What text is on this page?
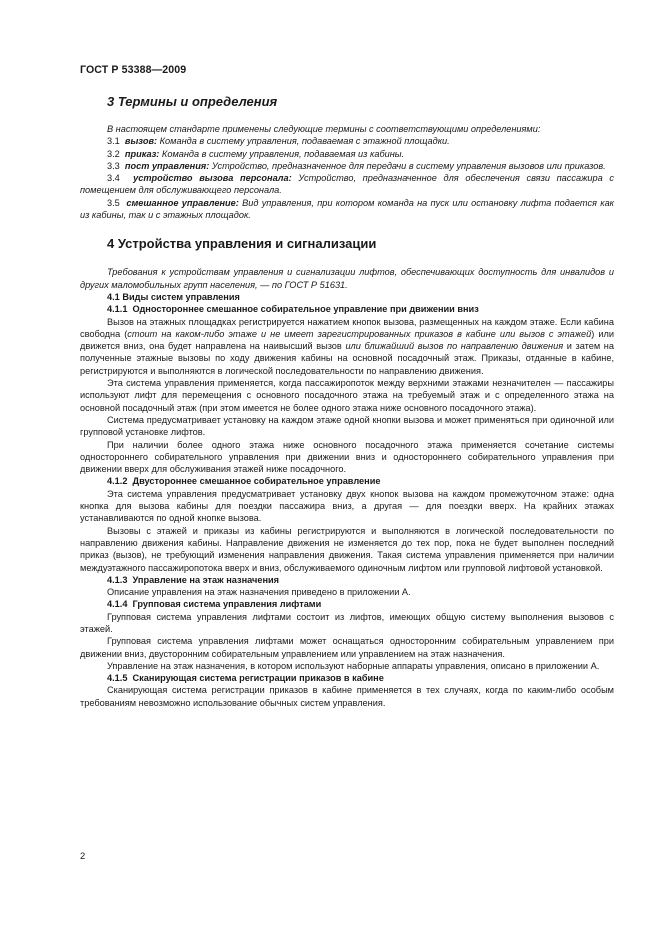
ГОСТ Р 53388—2009
3 Термины и определения

В настоящем стандарте применены следующие термины с соответствующими определениями:

3.1 вызов: Команда в систему управления, подаваемая с этажной площадки.

3.2 приказ: Команда в систему управления, подаваемая из кабины.

3.3 пост управления: Устройство, предназначенное для передачи в систему управления вызовов или приказов.

3.4 устройство вызова персонала: Устройство, предназначенное для обеспечения связи пассажира с помещением для обслуживающего персонала.

3.5 смешанное управление: Вид управления, при котором команда на пуск или остановку лифта подается как из кабины, так и с этажных площадок.

4 Устройства управления и сигнализации

Требования к устройствам управления и сигнализации лифтов, обеспечивающих доступность для инвалидов и других маломобильных групп населения, — по ГОСТ Р 51631.

4.1 Виды систем управления
4.1.1 Одностороннее смешанное собирательное управление при движении вниз

Вызов на этажных площадках регистрируется нажатием кнопок вызова, размещенных на каждом этаже. Если кабина свободна (стоит на каком-либо этаже и не имеет зарегистрированных приказов в кабине или вызов с этажей) или движется вниз, она будет направлена на наивысший вызов или ближайший вызов по направлению движения и затем на полученные этажные вызовы по ходу движения кабины на основной посадочный этаж. Приказы, отданные в кабине, регистрируются и выполняются в логической последовательности по направлению движения.

Эта система управления применяется, когда пассажиропоток между верхними этажами незначителен — пассажиры используют лифт для перемещения с основного посадочного этажа на требуемый этаж и с определенного этажа на основной посадочный этаж (при этом имеется не более одного этажа ниже основного посадочного этажа).

Система предусматривает установку на каждом этаже одной кнопки вызова и может применяться при одиночной или групповой установке лифтов.

При наличии более одного этажа ниже основного посадочного этажа применяется сочетание системы одностороннего собирательного управления при движении вниз и одностороннего собирательного управления при движении вверх для обслуживания этажей ниже посадочного.

4.1.2 Двустороннее смешанное собирательное управление

Эта система управления предусматривает установку двух кнопок вызова на каждом промежуточном этаже: одна кнопка для вызова кабины для поездки пассажира вниз, а другая — для поездки вверх. На крайних этажах устанавливаются по одной кнопке вызова.

Вызовы с этажей и приказы из кабины регистрируются и выполняются в логической последовательности по направлению движения кабины. Направление движения не изменяется до тех пор, пока не будет выполнен последний приказ (вызов), не требующий изменения направления движения. Такая система управления применяется при наличии междуэтажного пассажиропотока вверх и вниз, обслуживаемого одиночным лифтом или групповой лифтовой установкой.

4.1.3 Управление на этаж назначения

Описание управления на этаж назначения приведено в приложении А.

4.1.4 Групповая система управления лифтами

Групповая система управления лифтами состоит из лифтов, имеющих общую систему выполнения вызовов с этажей.

Групповая система управления лифтами может оснащаться односторонним собирательным управлением при движении вниз, двусторонним собирательным управлением или управлением на этаж назначения.

Управление на этаж назначения, в котором используют наборные аппараты управления, описано в приложении А.

4.1.5 Сканирующая система регистрации приказов в кабине

Сканирующая система регистрации приказов в кабине применяется в тех случаях, когда по каким-либо особым требованиям невозможно использование обычных систем управления.

2
